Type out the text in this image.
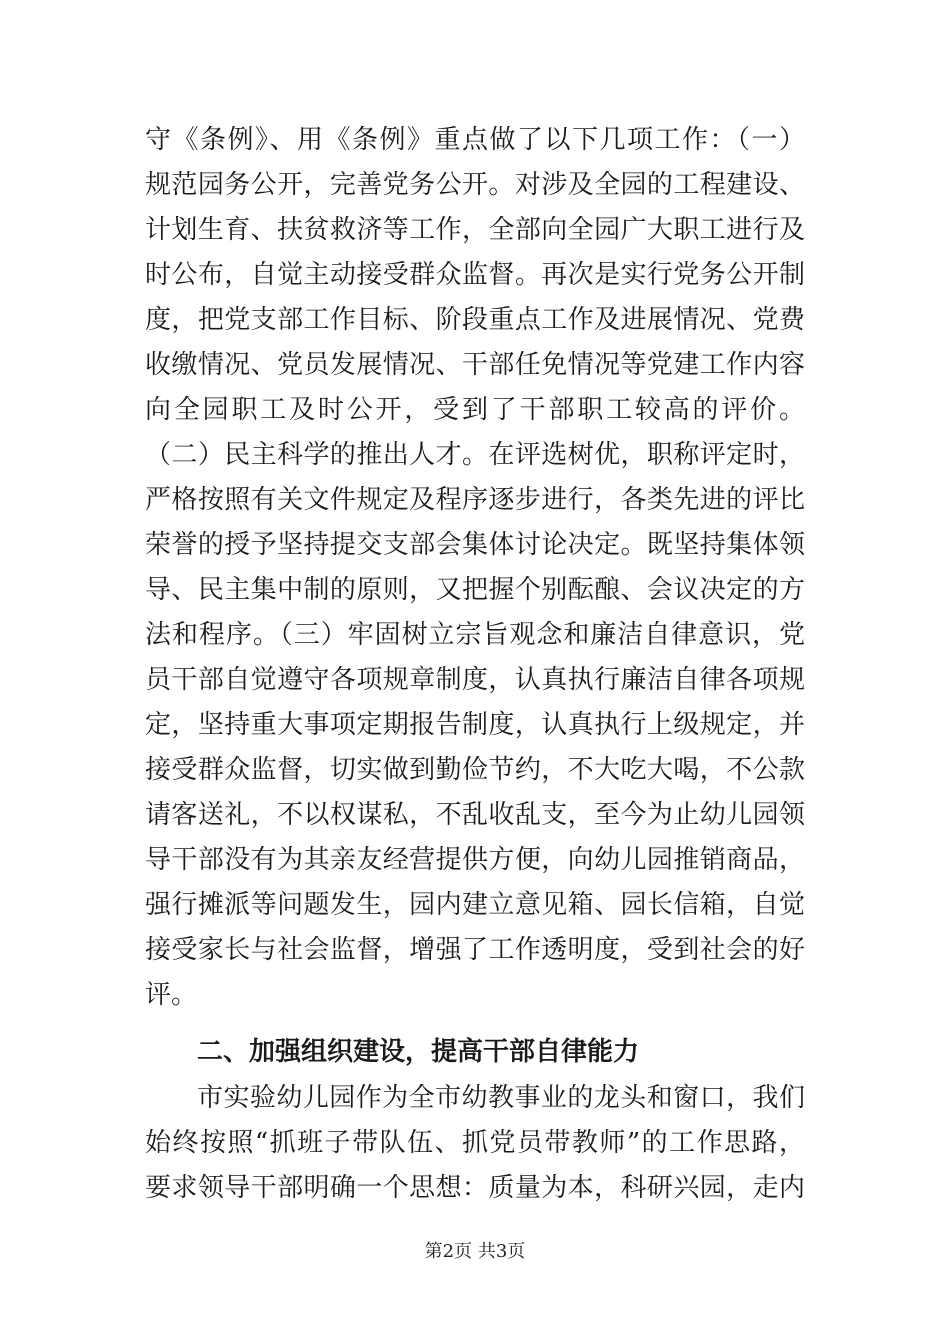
守《条例》、用《条例》重点做了以下几项工作：（一）
规范园务公开，完善党务公开。对涉及全园的工程建设、
计划生育、扶贫救济等工作，全部向全园广大职工进行及
时公布，自觉主动接受群众监督。再次是实行党务公开制
度，把党支部工作目标、阶段重点工作及进展情况、党费
收缴情况、党员发展情况、干部任免情况等党建工作内容
向全园职工及时公开，受到了干部职工较高的评价。
（二）民主科学的推出人才。在评选树优，职称评定时，
严格按照有关文件规定及程序逐步进行，各类先进的评比
荣誉的授予坚持提交支部会集体讨论决定。既坚持集体领
导、民主集中制的原则，又把握个别酝酿、会议决定的方
法和程序。（三）牢固树立宗旨观念和廉洁自律意识，党
员干部自觉遵守各项规章制度，认真执行廉洁自律各项规
定，坚持重大事项定期报告制度，认真执行上级规定，并
接受群众监督，切实做到勤俭节约，不大吃大喝，不公款
请客送礼，不以权谋私，不乱收乱支，至今为止幼儿园领
导干部没有为其亲友经营提供方便，向幼儿园推销商品，
强行摊派等问题发生，园内建立意见箱、园长信箱，自觉
接受家长与社会监督，增强了工作透明度，受到社会的好
评。
二、加强组织建设，提高干部自律能力
市实验幼儿园作为全市幼教事业的龙头和窗口，我们
始终按照“抓班子带队伍、抓党员带教师”的工作思路，
要求领导干部明确一个思想：质量为本，科研兴园，走内
第2页 共3页
